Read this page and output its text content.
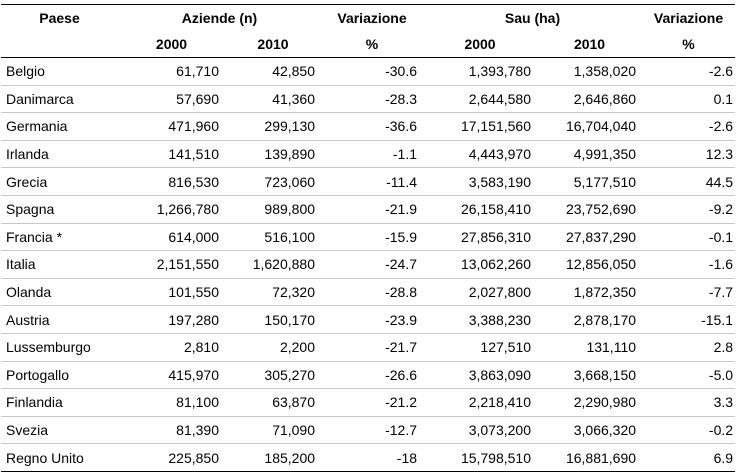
Paese	Aziende (n)		Variazione	Sau (ha)		Variazione
	2000	2010	%	2000	2010	%
Belgio	61,710	42,850	-30.6	1,393,780	1,358,020	-2.6
Danimarca	57,690	41,360	-28.3	2,644,580	2,646,860	0.1
Germania	471,960	299,130	-36.6	17,151,560	16,704,040	-2.6
Irlanda	141,510	139,890	-1.1	4,443,970	4,991,350	12.3
Grecia	816,530	723,060	-11.4	3,583,190	5,177,510	44.5
Spagna	1,266,780	989,800	-21.9	26,158,410	23,752,690	-9.2
Francia *	614,000	516,100	-15.9	27,856,310	27,837,290	-0.1
Italia	2,151,550	1,620,880	-24.7	13,062,260	12,856,050	-1.6
Olanda	101,550	72,320	-28.8	2,027,800	1,872,350	-7.7
Austria	197,280	150,170	-23.9	3,388,230	2,878,170	-15.1
Lussemburgo	2,810	2,200	-21.7	127,510	131,110	2.8
Portogallo	415,970	305,270	-26.6	3,863,090	3,668,150	-5.0
Finlandia	81,100	63,870	-21.2	2,218,410	2,290,980	3.3
Svezia	81,390	71,090	-12.7	3,073,200	3,066,320	-0.2
Regno Unito	225,850	185,200	-18	15,798,510	16,881,690	6.9
